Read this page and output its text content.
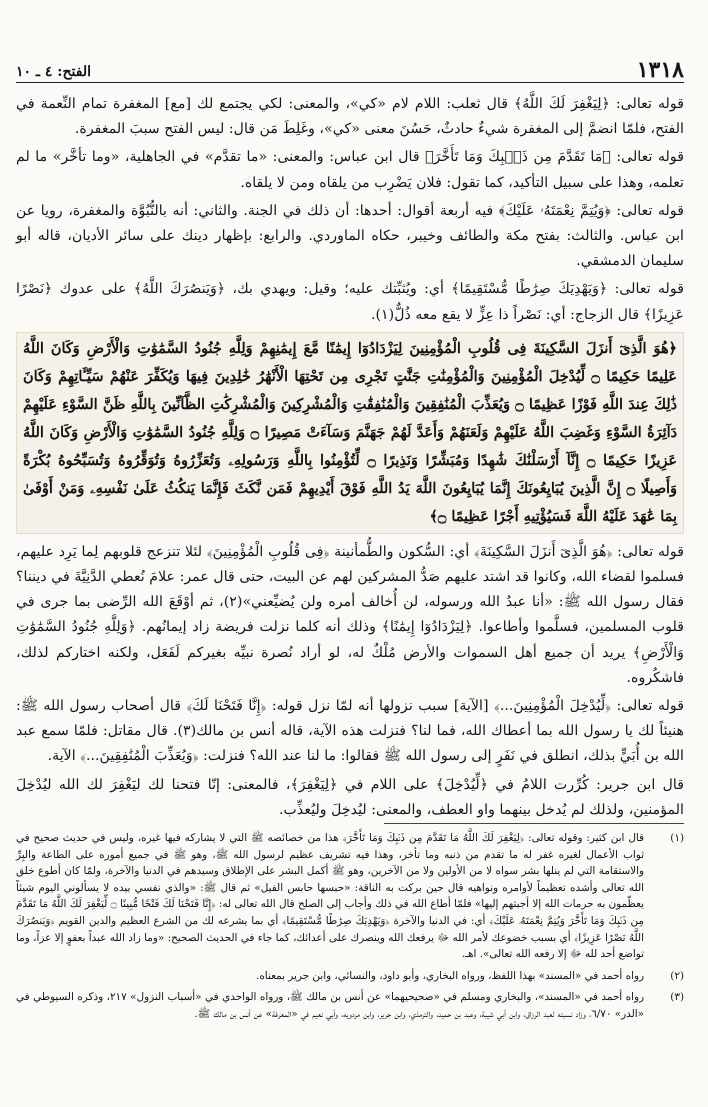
١٣١٨
الفتح: ٤ ـ ١٠

قوله تعالى: ﴿لِيَغْفِرَ لَكَ اللَّهُ﴾ قال ثعلب: اللام لام «كي»، والمعنى: لكي يجتمع لك [مع] المغفرة تمام النِّعمة في الفتح، فلمّا انضمَّ إلى المغفرة شيءٌ حادثٌ، حَسُنَ معنى «كي»، وغَلِطَ مَن قال: ليس الفتح سببَ المغفرة.

قوله تعالى: ﴿مَا تَقَدَّمَ مِن ذَنۢبِكَ وَمَا تَأَخَّرَ﴾ قال ابن عباس: والمعنى: «ما تقدَّم» في الجاهلية، «وما تأخَّر» ما لم تعلمه، وهذا على سبيل التأكيد، كما تقول: فلان يَضْرِب من يلقاه ومن لا يلقاه.

قوله تعالى: ﴿وَيُتِمَّ نِعْمَتَهُۥ عَلَيْكَ﴾ فيه أربعة أقوال: أحدها: أن ذلك في الجنة. والثاني: أنه بالنُّبُوَّة والمغفرة، رويا عن ابن عباس. والثالث: بفتح مكة والطائف وخيبر، حكاه الماوردي. والرابع: بإظهار دينك على سائر الأديان، قاله أبو سليمان الدمشقي.

قوله تعالى: ﴿وَيَهْدِيَكَ صِرَٰطًا مُّسْتَقِيمًا﴾ أي: ويُثبِّتك عليه؛ وقيل: ويهدي بك، ﴿وَيَنصُرَكَ اللَّهُ﴾ على عدوك ﴿نَصْرًا عَزِيزًا﴾ قال الزجاج: أي: نَصْراً ذا عِزٍّ لا يقع معه ذُلٌّ(١).

﴿هُوَ الَّذِىٓ أَنزَلَ السَّكِينَةَ فِى قُلُوبِ الْمُؤْمِنِينَ لِيَزْدَادُوٓا إِيمَٰنًا مَّعَ إِيمَٰنِهِمْ وَلِلَّهِ جُنُودُ السَّمَٰوَٰتِ وَالْأَرْضِ وَكَانَ اللَّهُ عَلِيمًا حَكِيمًا ۝ لِّيُدْخِلَ الْمُؤْمِنِينَ وَالْمُؤْمِنَٰتِ جَنَّٰتٍ تَجْرِى مِن تَحْتِهَا الْأَنْهَٰرُ خَٰلِدِينَ فِيهَا وَيُكَفِّرَ عَنْهُمْ سَيِّـَٔاتِهِمْ وَكَانَ ذَٰلِكَ عِندَ اللَّهِ فَوْزًا عَظِيمًا ۝ وَيُعَذِّبَ الْمُنَٰفِقِينَ وَالْمُنَٰفِقَٰتِ وَالْمُشْرِكِينَ وَالْمُشْرِكَٰتِ الظَّآنِّينَ بِاللَّهِ ظَنَّ السَّوْءِ عَلَيْهِمْ دَآئِرَةُ السَّوْءِ وَغَضِبَ اللَّهُ عَلَيْهِمْ وَلَعَنَهُمْ وَأَعَدَّ لَهُمْ جَهَنَّمَ وَسَآءَتْ مَصِيرًا ۝ وَلِلَّهِ جُنُودُ السَّمَٰوَٰتِ وَالْأَرْضِ وَكَانَ اللَّهُ عَزِيزًا حَكِيمًا ۝ إِنَّآ أَرْسَلْنَٰكَ شَٰهِدًا وَمُبَشِّرًا وَنَذِيرًا ۝ لِّتُؤْمِنُوا بِاللَّهِ وَرَسُولِهِۦ وَتُعَزِّرُوهُ وَتُوَقِّرُوهُ وَتُسَبِّحُوهُ بُكْرَةً وَأَصِيلًا ۝ إِنَّ الَّذِينَ يُبَايِعُونَكَ إِنَّمَا يُبَايِعُونَ اللَّهَ يَدُ اللَّهِ فَوْقَ أَيْدِيهِمْ فَمَن نَّكَثَ فَإِنَّمَا يَنكُثُ عَلَىٰ نَفْسِهِۦ وَمَنْ أَوْفَىٰ بِمَا عَٰهَدَ عَلَيْهُ اللَّهَ فَسَيُؤْتِيهِ أَجْرًا عَظِيمًا ۝﴾

قوله تعالى: ﴿هُوَ الَّذِىٓ أَنزَلَ السَّكِينَةَ﴾ أي: السُّكون والطُّمأنينة ﴿فِى قُلُوبِ الْمُؤْمِنِينَ﴾ لئلا تنزعج قلوبهم لِما يَرِد عليهم، فسلموا لقضاء الله، وكانوا قد اشتد عليهم صَدُّ المشركين لهم عن البيت، حتى قال عمر: علامَ نُعطي الدَّنِيَّةَ في ديننا؟ فقال رسول الله ﷺ: «أنا عبدُ الله ورسوله، لن أُخالف أمره ولن يُضيِّعني»(٢)، ثم أوْقَعَ الله الرِّضى بما جرى في قلوب المسلمين، فسلَّموا وأطاعوا. ﴿لِيَزْدَادُوٓا إِيمَٰنًا﴾ وذلك أنه كلما نزلت فريضة زاد إيمانُهم. ﴿وَلِلَّهِ جُنُودُ السَّمَٰوَٰتِ وَالْأَرْضِ﴾ يريد أن جميع أهل السموات والأرض مُلْكٌ له، لو أراد نُصرة نبيِّه بغيركم لَفَعَل، ولكنه اختاركم لذلك، فاشكُروه.

قوله تعالى: ﴿لِّيُدْخِلَ الْمُؤْمِنِينَ...﴾ [الآية] سبب نزولها أنه لمّا نزل قوله: ﴿إِنَّا فَتَحْنَا لَكَ﴾ قال أصحاب رسول الله ﷺ: هنيئاً لك يا رسول الله بما أعطاك الله، فما لنا؟ فنزلت هذه الآية، قاله أنس بن مالك(٣). قال مقاتل: فلمّا سمع عبد الله بن أُبَيٍّ بذلك، انطلق في نَفَرٍ إلى رسول الله ﷺ فقالوا: ما لنا عند الله؟ فنزلت: ﴿وَيُعَذِّبَ الْمُنَٰفِقِينَ...﴾ الآية.

قال ابن جرير: كُرِّرت اللامُ في ﴿لِّيُدْخِلَ﴾ على اللام في ﴿لِيَغْفِرَ﴾، فالمعنى: إنّا فتحنا لك ليَغْفِرَ لك الله ليُدْخِلَ المؤمنين، ولذلك لم يُدخل بينهما واو العطف، والمعنى: ليُدخِلَ وليُعذِّب.

(١)
قال ابن كثير: وقوله تعالى: ﴿لِيَغْفِرَ لَكَ اللَّهُ مَا تَقَدَّمَ مِن ذَنۢبِكَ وَمَا تَأَخَّرَ﴾ هذا من خصائصه ﷺ التي لا يشاركه فيها غيره، وليس في حديث صحيح في ثواب الأعمال لغيره غفر له ما تقدم من ذنبه وما تأخر، وهذا فيه تشريف عظيم لرسول الله ﷺ، وهو ﷺ في جميع أموره على الطاعة والبِرِّ والاستقامة التي لم ينلها بشر سواه لا من الأولين ولا من الآخرين، وهو ﷺ أكمل البشر على الإطلاق وسيدهم في الدنيا والآخرة، ولمّا كان أطوع خلق الله تعالى وأشده تعظيماً لأوامره ونواهيه قال حين بركت به الناقة: «حبسها حابس الفيل» ثم قال ﷺ: «والذي نفسي بيده لا يسألوني اليوم شيئاً يعظّمون به حرمات الله إلا أجبتهم إليها» فلمّا أطاع الله في ذلك وأجاب إلى الصلح قال الله تعالى له: ﴿إِنَّا فَتَحْنَا لَكَ فَتْحًا مُّبِينًا ۝ لِّيَغْفِرَ لَكَ اللَّهُ مَا تَقَدَّمَ مِن ذَنۢبِكَ وَمَا تَأَخَّرَ وَيُتِمَّ نِعْمَتَهُۥ عَلَيْكَ﴾ أي: في الدنيا والآخرة ﴿وَيَهْدِيَكَ صِرَٰطًا مُّسْتَقِيمًا﴾ أي بما يشرعه لك من الشرع العظيم والدين القويم ﴿وَيَنصُرَكَ اللَّهُ نَصْرًا عَزِيزًا﴾ أي بسبب خضوعك لأمر الله ﷻ يرفعك الله وينصرك على أعدائك، كما جاء في الحديث الصحيح: «وما زاد الله عبداً بعفوٍ إلا عزاً، وما تواضع أحد لله ﷻ إلا رفعه الله تعالى». اهـ.
(٢)
رواه أحمد في «المسند» بهذا اللفظ، ورواه البخاري، وأبو داود، والنسائي، وابن جرير بمعناه.
(٣)
رواه أحمد في «المسند»، والبخاري ومسلم في «صحيحيهما» عن أنس بن مالك ﷺ، ورواه الواحدي في «أسباب النزول» ٢١٧، وذكره السيوطي في «الدر» ٦/٧٠، وزاد نسبته لعبد الرزاق، وابن أبي شيبة، وعبد بن حميد، والترمذي، وابن جرير، وابن مردويه، وأبي نعيم في «المعرفة» عن أنس بن مالك ﷺ.
